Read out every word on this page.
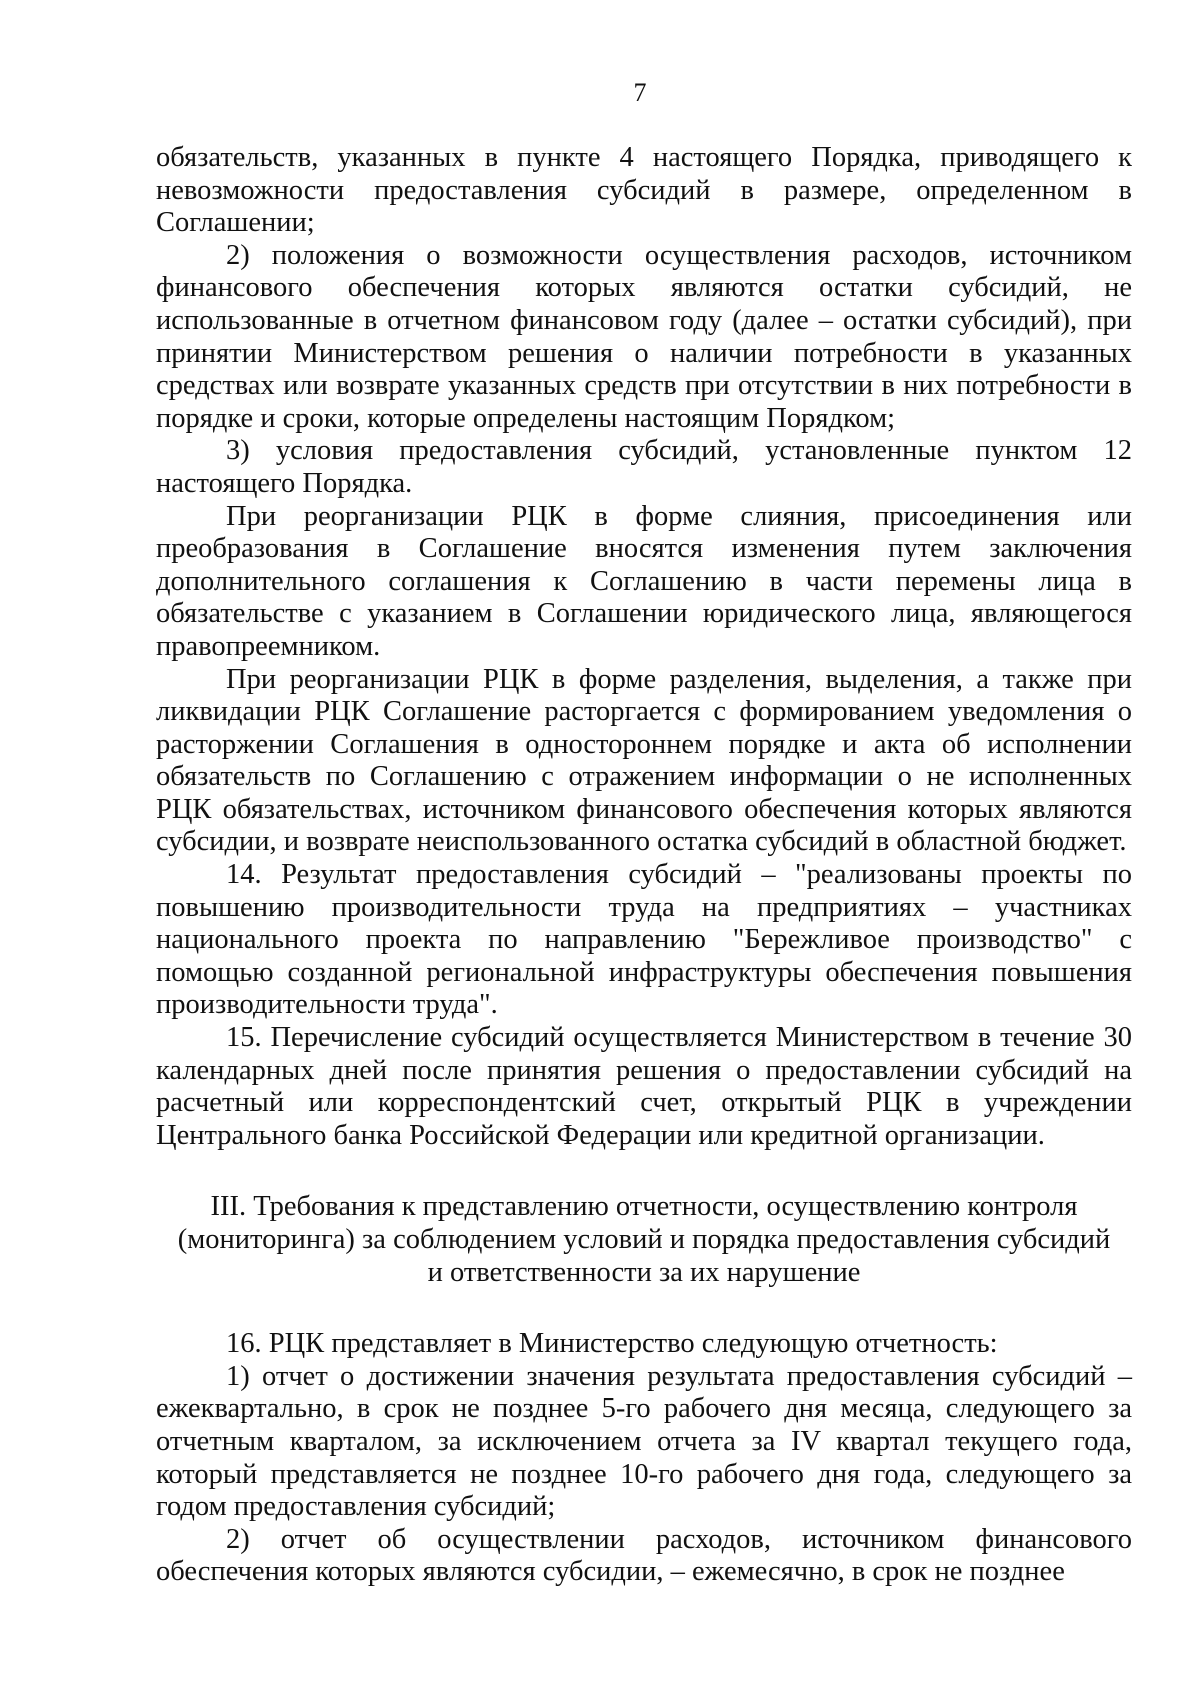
7

обязательств, указанных в пункте 4 настоящего Порядка, приводящего к невозможности предоставления субсидий в размере, определенном в Соглашении;

2) положения о возможности осуществления расходов, источником финансового обеспечения которых являются остатки субсидий, не использованные в отчетном финансовом году (далее – остатки субсидий), при принятии Министерством решения о наличии потребности в указанных средствах или возврате указанных средств при отсутствии в них потребности в порядке и сроки, которые определены настоящим Порядком;

3) условия предоставления субсидий, установленные пунктом 12 настоящего Порядка.

При реорганизации РЦК в форме слияния, присоединения или преобразования в Соглашение вносятся изменения путем заключения дополнительного соглашения к Соглашению в части перемены лица в обязательстве с указанием в Соглашении юридического лица, являющегося правопреемником.

При реорганизации РЦК в форме разделения, выделения, а также при ликвидации РЦК Соглашение расторгается с формированием уведомления о расторжении Соглашения в одностороннем порядке и акта об исполнении обязательств по Соглашению с отражением информации о не исполненных РЦК обязательствах, источником финансового обеспечения которых являются субсидии, и возврате неиспользованного остатка субсидий в областной бюджет.

14. Результат предоставления субсидий – "реализованы проекты по повышению производительности труда на предприятиях – участниках национального проекта по направлению "Бережливое производство" с помощью созданной региональной инфраструктуры обеспечения повышения производительности труда".

15. Перечисление субсидий осуществляется Министерством в течение 30 календарных дней после принятия решения о предоставлении субсидий на расчетный или корреспондентский счет, открытый РЦК в учреждении Центрального банка Российской Федерации или кредитной организации.

III. Требования к представлению отчетности, осуществлению контроля
(мониторинга) за соблюдением условий и порядка предоставления субсидий
и ответственности за их нарушение

16. РЦК представляет в Министерство следующую отчетность:

1) отчет о достижении значения результата предоставления субсидий – ежеквартально, в срок не позднее 5-го рабочего дня месяца, следующего за отчетным кварталом, за исключением отчета за IV квартал текущего года, который представляется не позднее 10-го рабочего дня года, следующего за годом предоставления субсидий;

2) отчет об осуществлении расходов, источником финансового обеспечения которых являются субсидии, – ежемесячно, в срок не позднее
